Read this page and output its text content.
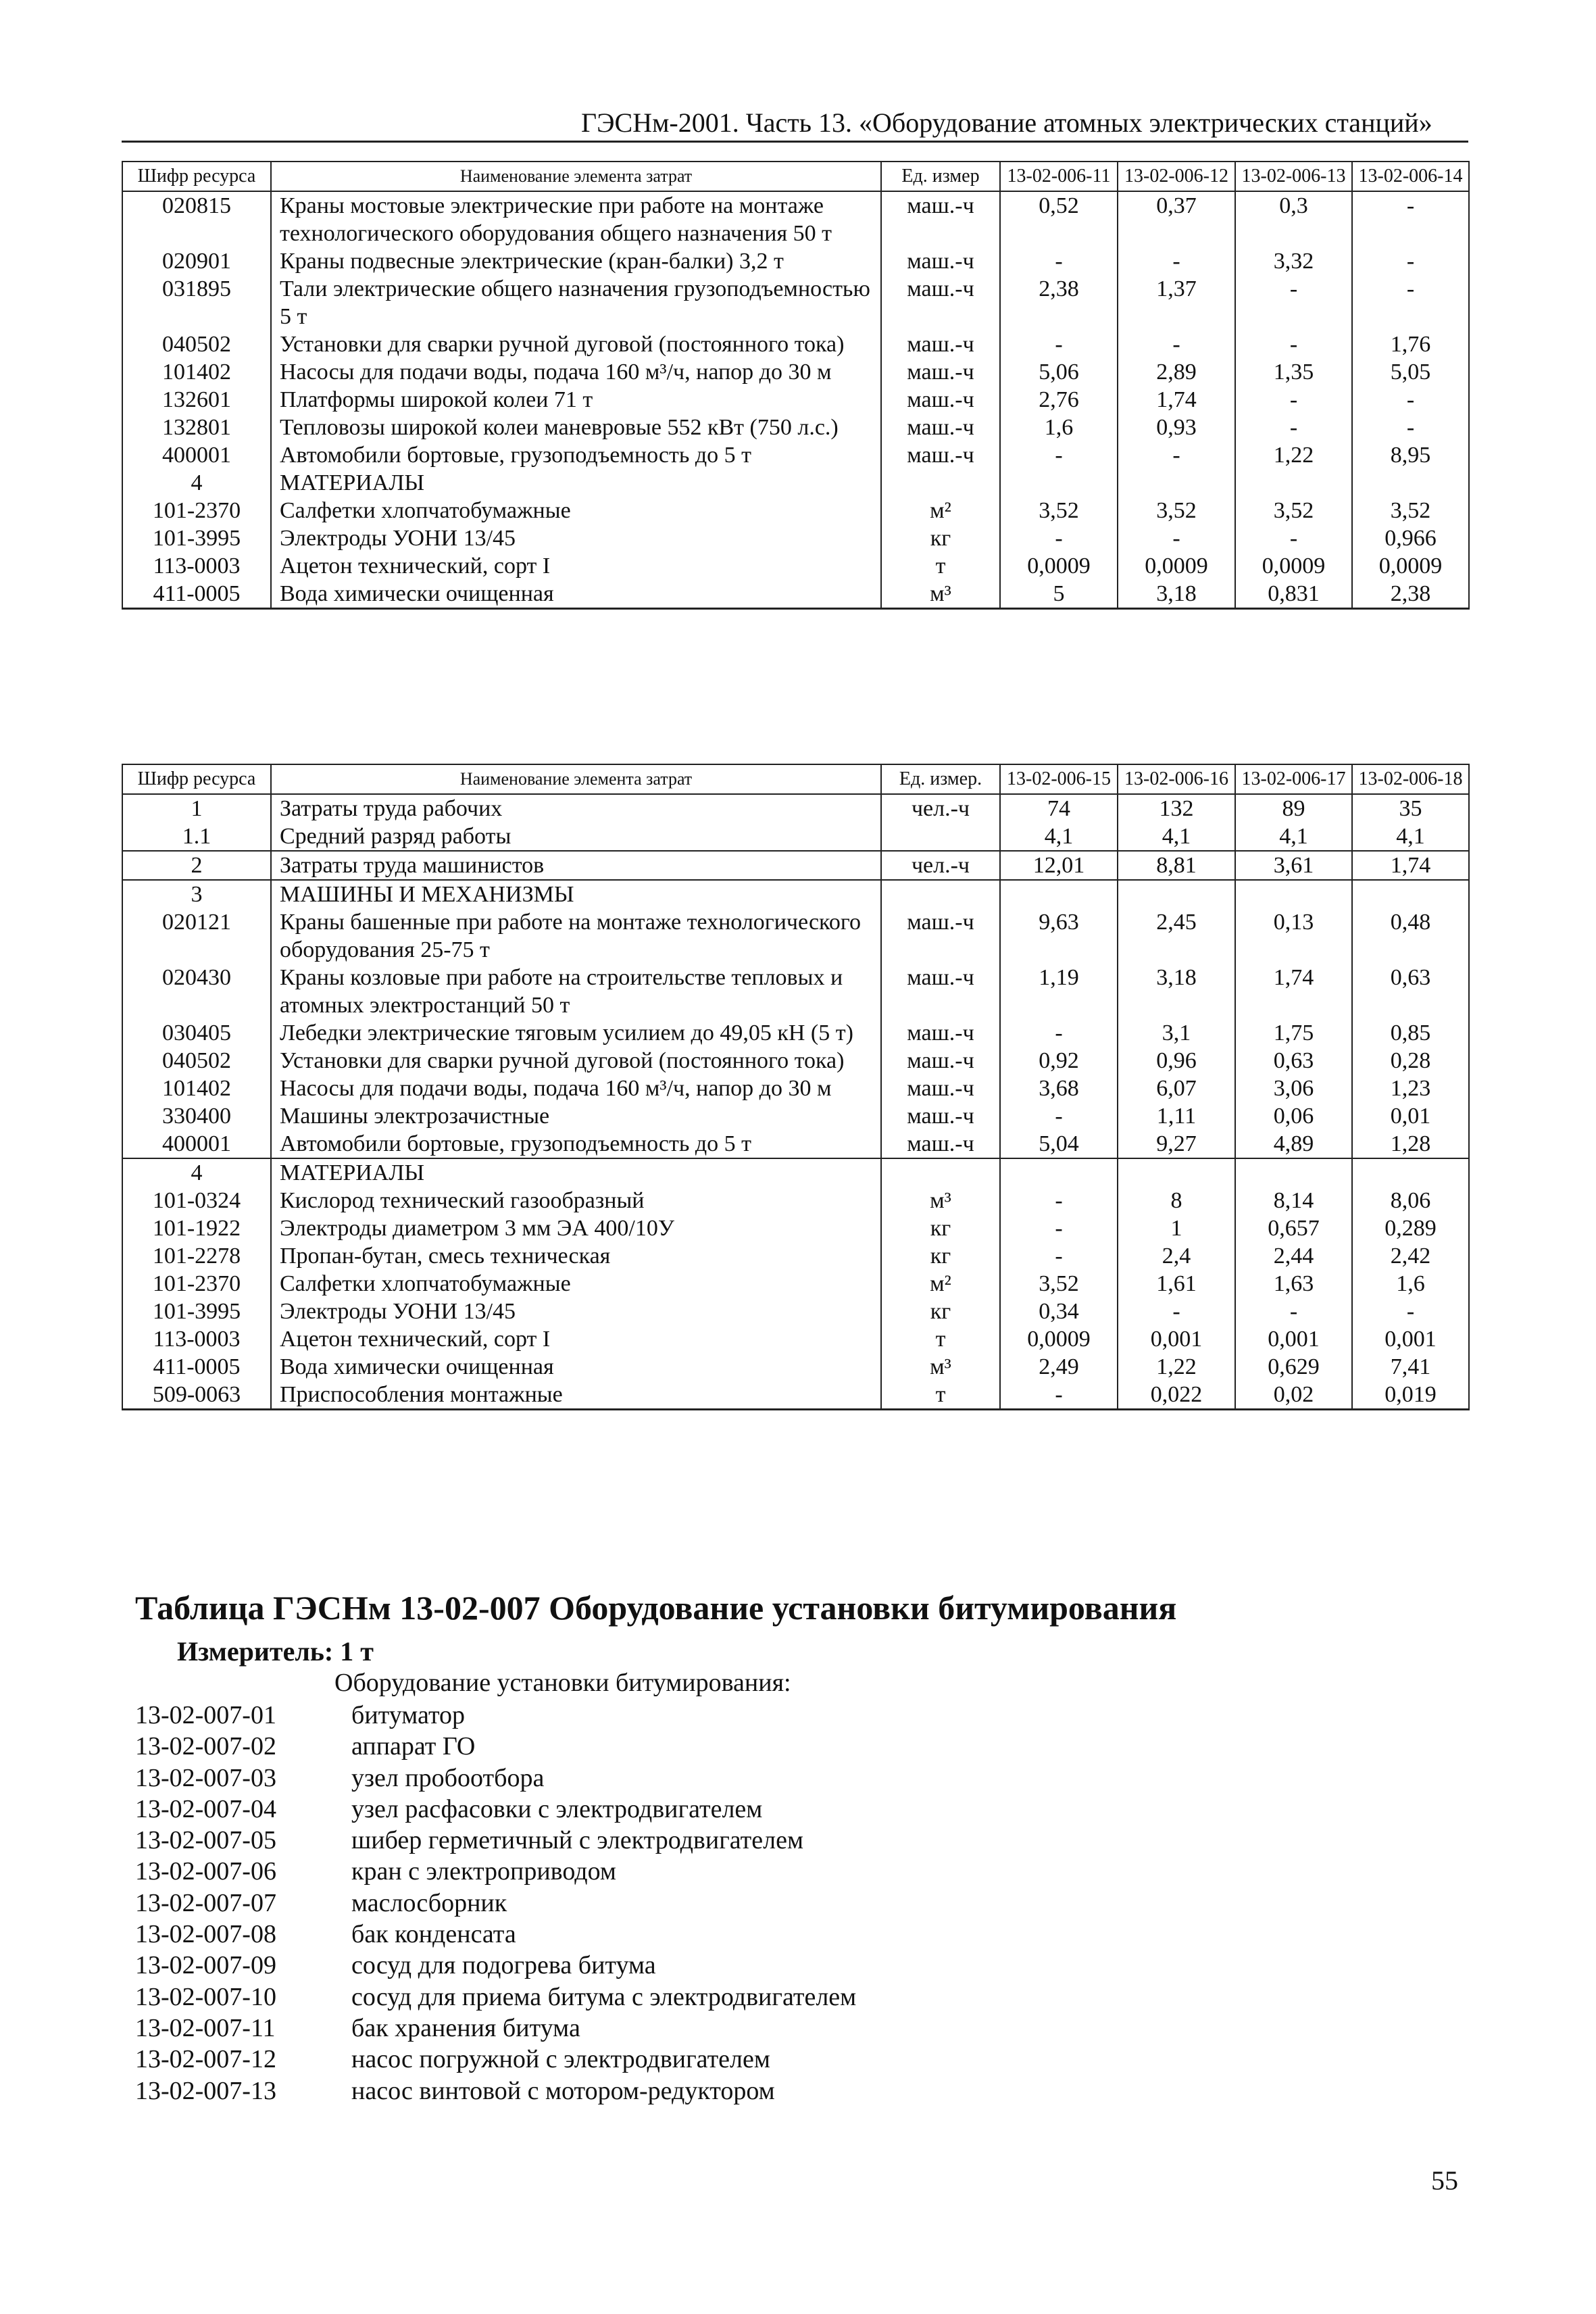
ГЭСНм-2001. Часть 13. «Оборудование атомных электрических станций»
Шифр ресурса	Наименование элемента затрат	Ед. измер	13-02-006-11	13-02-006-12	13-02-006-13	13-02-006-14
020815	Краны мостовые электрические при работе на монтаже технологического оборудования общего назначения 50 т	маш.-ч	0,52	0,37	0,3	-
020901	Краны подвесные электрические (кран-балки) 3,2 т	маш.-ч	-	-	3,32	-
031895	Тали электрические общего назначения грузоподъемностью 5 т	маш.-ч	2,38	1,37	-	-
040502	Установки для сварки ручной дуговой (постоянного тока)	маш.-ч	-	-	-	1,76
101402	Насосы для подачи воды, подача 160 м³/ч, напор до 30 м	маш.-ч	5,06	2,89	1,35	5,05
132601	Платформы широкой колеи 71 т	маш.-ч	2,76	1,74	-	-
132801	Тепловозы широкой колеи маневровые 552 кВт (750 л.с.)	маш.-ч	1,6	0,93	-	-
400001	Автомобили бортовые, грузоподъемность до 5 т	маш.-ч	-	-	1,22	8,95
4	МАТЕРИАЛЫ					
101-2370	Салфетки хлопчатобумажные	м²	3,52	3,52	3,52	3,52
101-3995	Электроды УОНИ 13/45	кг	-	-	-	0,966
113-0003	Ацетон технический, сорт I	т	0,0009	0,0009	0,0009	0,0009
411-0005	Вода химически очищенная	м³	5	3,18	0,831	2,38
Шифр ресурса	Наименование элемента затрат	Ед. измер.	13-02-006-15	13-02-006-16	13-02-006-17	13-02-006-18
1	Затраты труда рабочих	чел.-ч	74	132	89	35
1.1	Средний разряд работы		4,1	4,1	4,1	4,1
2	Затраты труда машинистов	чел.-ч	12,01	8,81	3,61	1,74
3	МАШИНЫ И МЕХАНИЗМЫ					
020121	Краны башенные при работе на монтаже технологического оборудования 25-75 т	маш.-ч	9,63	2,45	0,13	0,48
020430	Краны козловые при работе на строительстве тепловых и атомных электростанций 50 т	маш.-ч	1,19	3,18	1,74	0,63
030405	Лебедки электрические тяговым усилием до 49,05 кН (5 т)	маш.-ч	-	3,1	1,75	0,85
040502	Установки для сварки ручной дуговой (постоянного тока)	маш.-ч	0,92	0,96	0,63	0,28
101402	Насосы для подачи воды, подача 160 м³/ч, напор до 30 м	маш.-ч	3,68	6,07	3,06	1,23
330400	Машины электрозачистные	маш.-ч	-	1,11	0,06	0,01
400001	Автомобили бортовые, грузоподъемность до 5 т	маш.-ч	5,04	9,27	4,89	1,28
4	МАТЕРИАЛЫ					
101-0324	Кислород технический газообразный	м³	-	8	8,14	8,06
101-1922	Электроды диаметром 3 мм ЭА 400/10У	кг	-	1	0,657	0,289
101-2278	Пропан-бутан, смесь техническая	кг	-	2,4	2,44	2,42
101-2370	Салфетки хлопчатобумажные	м²	3,52	1,61	1,63	1,6
101-3995	Электроды УОНИ 13/45	кг	0,34	-	-	-
113-0003	Ацетон технический, сорт I	т	0,0009	0,001	0,001	0,001
411-0005	Вода химически очищенная	м³	2,49	1,22	0,629	7,41
509-0063	Приспособления монтажные	т	-	0,022	0,02	0,019
Таблица ГЭСНм 13-02-007 Оборудование установки битумирования
Измеритель: 1 т
Оборудование установки битумирования:
13-02-007-01	битуматор
13-02-007-02	аппарат ГО
13-02-007-03	узел пробоотбора
13-02-007-04	узел расфасовки с электродвигателем
13-02-007-05	шибер герметичный с электродвигателем
13-02-007-06	кран с электроприводом
13-02-007-07	маслосборник
13-02-007-08	бак конденсата
13-02-007-09	сосуд для подогрева битума
13-02-007-10	сосуд для приема битума с электродвигателем
13-02-007-11	бак хранения битума
13-02-007-12	насос погружной с электродвигателем
13-02-007-13	насос винтовой с мотором-редуктором
55
